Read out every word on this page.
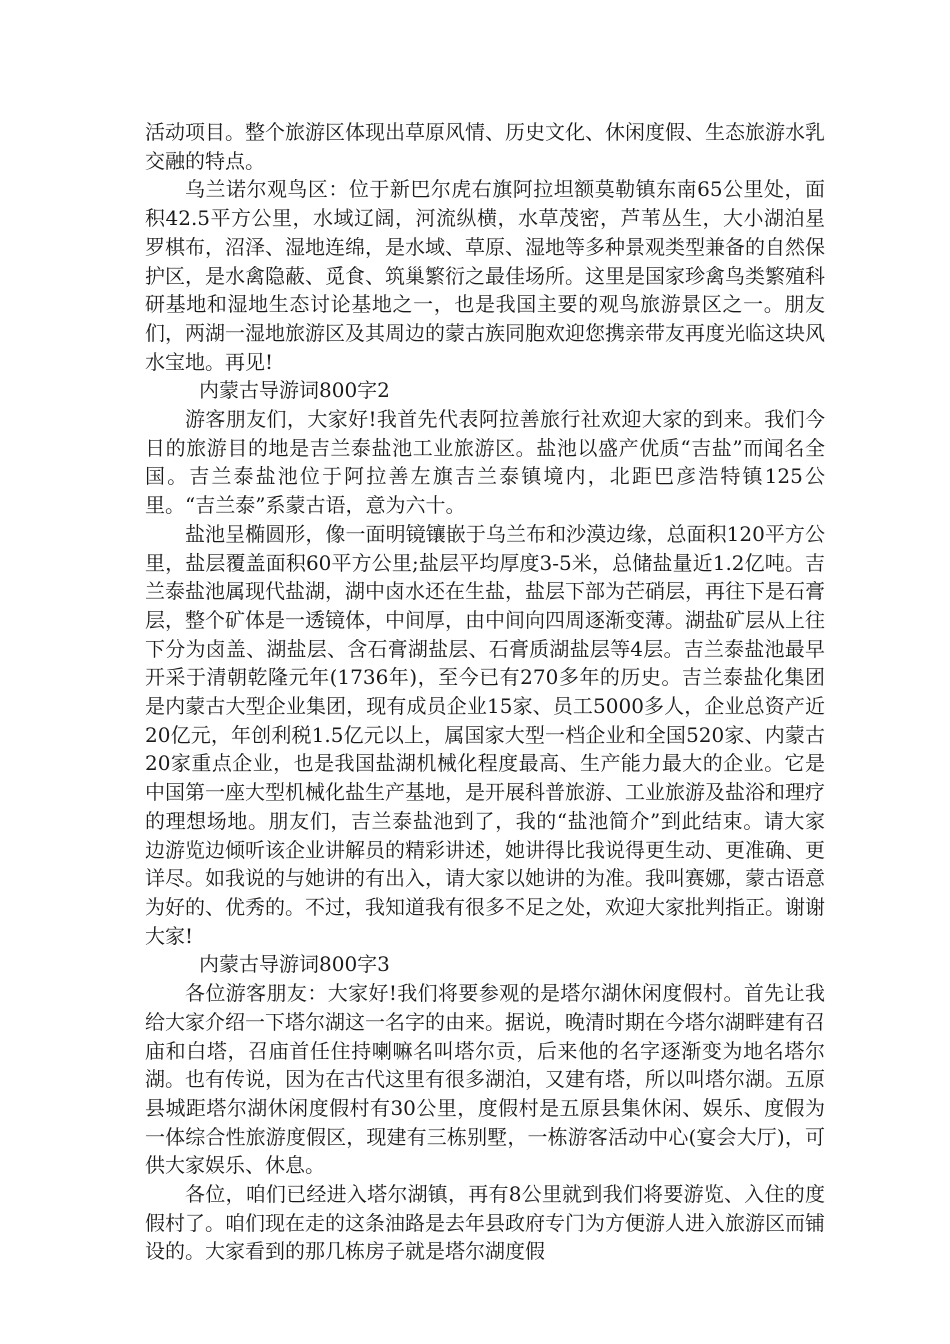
活动项目。整个旅游区体现出草原风情、历史文化、休闲度假、生态旅游水乳交融的特点。

乌兰诺尔观鸟区：位于新巴尔虎右旗阿拉坦额莫勒镇东南65公里处，面积42.5平方公里，水域辽阔，河流纵横，水草茂密，芦苇丛生，大小湖泊星罗棋布，沼泽、湿地连绵，是水域、草原、湿地等多种景观类型兼备的自然保护区，是水禽隐蔽、觅食、筑巢繁衍之最佳场所。这里是国家珍禽鸟类繁殖科研基地和湿地生态讨论基地之一，也是我国主要的观鸟旅游景区之一。朋友们，两湖一湿地旅游区及其周边的蒙古族同胞欢迎您携亲带友再度光临这块风水宝地。再见!

内蒙古导游词800字2

游客朋友们，大家好!我首先代表阿拉善旅行社欢迎大家的到来。我们今日的旅游目的地是吉兰泰盐池工业旅游区。盐池以盛产优质“吉盐”而闻名全国。吉兰泰盐池位于阿拉善左旗吉兰泰镇境内，北距巴彦浩特镇125公里。“吉兰泰”系蒙古语，意为六十。

盐池呈椭圆形，像一面明镜镶嵌于乌兰布和沙漠边缘，总面积120平方公里，盐层覆盖面积60平方公里;盐层平均厚度3-5米，总储盐量近1.2亿吨。吉兰泰盐池属现代盐湖，湖中卤水还在生盐，盐层下部为芒硝层，再往下是石膏层，整个矿体是一透镜体，中间厚，由中间向四周逐渐变薄。湖盐矿层从上往下分为卤盖、湖盐层、含石膏湖盐层、石膏质湖盐层等4层。吉兰泰盐池最早开采于清朝乾隆元年(1736年)，至今已有270多年的历史。吉兰泰盐化集团是内蒙古大型企业集团，现有成员企业15家、员工5000多人，企业总资产近20亿元，年创利税1.5亿元以上，属国家大型一档企业和全国520家、内蒙古20家重点企业，也是我国盐湖机械化程度最高、生产能力最大的企业。它是中国第一座大型机械化盐生产基地，是开展科普旅游、工业旅游及盐浴和理疗的理想场地。朋友们，吉兰泰盐池到了，我的“盐池简介”到此结束。请大家边游览边倾听该企业讲解员的精彩讲述，她讲得比我说得更生动、更准确、更详尽。如我说的与她讲的有出入，请大家以她讲的为准。我叫赛娜，蒙古语意为好的、优秀的。不过，我知道我有很多不足之处，欢迎大家批判指正。谢谢大家!

内蒙古导游词800字3

各位游客朋友：大家好!我们将要参观的是塔尔湖休闲度假村。首先让我给大家介绍一下塔尔湖这一名字的由来。据说，晚清时期在今塔尔湖畔建有召庙和白塔，召庙首任住持喇嘛名叫塔尔贡，后来他的名字逐渐变为地名塔尔湖。也有传说，因为在古代这里有很多湖泊，又建有塔，所以叫塔尔湖。五原县城距塔尔湖休闲度假村有30公里，度假村是五原县集休闲、娱乐、度假为一体综合性旅游度假区，现建有三栋别墅，一栋游客活动中心(宴会大厅)，可供大家娱乐、休息。

各位，咱们已经进入塔尔湖镇，再有8公里就到我们将要游览、入住的度假村了。咱们现在走的这条油路是去年县政府专门为方便游人进入旅游区而铺设的。大家看到的那几栋房子就是塔尔湖度假
